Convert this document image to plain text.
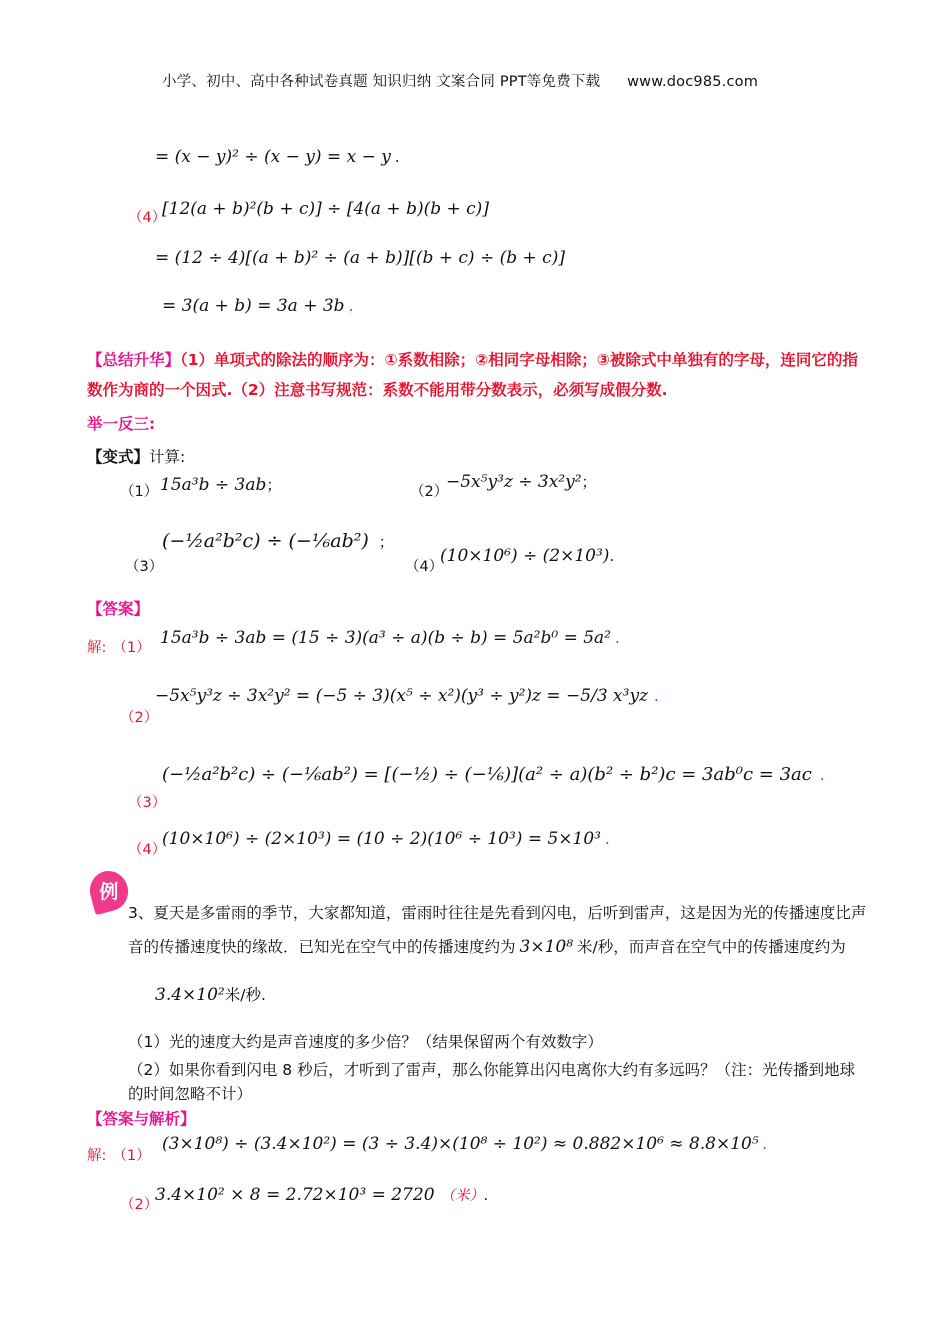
小学、初中、高中各种试卷真题 知识归纳 文案合同 PPT等免费下载 www.doc985.com
= (x − y)² ÷ (x − y) = x − y .
（4）
[12(a + b)²(b + c)] ÷ [4(a + b)(b + c)]
= (12 ÷ 4)[(a + b)² ÷ (a + b)][(b + c) ÷ (b + c)]
= 3(a + b) = 3a + 3b .
【总结升华】（1）单项式的除法的顺序为：①系数相除；②相同字母相除；③被除式中单独有的字母，连同它的指数作为商的一个因式.（2）注意书写规范：系数不能用带分数表示，必须写成假分数.
举一反三:
【变式】计算:
（1） 15a³b ÷ 3ab；	（2）
−5x⁵y³z ÷ 3x²y²；
（3）
(−½a²b²c) ÷ (−⅙ab²) ；
（4）
(10×10⁶) ÷ (2×10³).
【答案】
解: （1） 15a³b ÷ 3ab = (15 ÷ 3)(a³ ÷ a)(b ÷ b) = 5a²b⁰ = 5a² .
（2）
−5x⁵y³z ÷ 3x²y² = (−5 ÷ 3)(x⁵ ÷ x²)(y³ ÷ y²)z = −5/3 x³yz .
（3）
(−½a²b²c) ÷ (−⅙ab²) = [(−½) ÷ (−⅙)](a² ÷ a)(b² ÷ b²)c = 3ab⁰c = 3ac .
（4）
(10×10⁶) ÷ (2×10³) = (10 ÷ 2)(10⁶ ÷ 10³) = 5×10³ .
例
3、夏天是多雷雨的季节，大家都知道，雷雨时往往是先看到闪电，后听到雷声，这是因为光的传播速度比声音的传播速度快的缘故．已知光在空气中的传播速度约为 3×10⁸ 米/秒，而声音在空气中的传播速度约为
3.4×10²米/秒.
（1）光的速度大约是声音速度的多少倍？（结果保留两个有效数字）
（2）如果你看到闪电 8 秒后，才听到了雷声，那么你能算出闪电离你大约有多远吗？（注：光传播到地球的时间忽略不计）
【答案与解析】
解: （1）
(3×10⁸) ÷ (3.4×10²) = (3 ÷ 3.4)×(10⁸ ÷ 10²) ≈ 0.882×10⁶ ≈ 8.8×10⁵ .
（2）
3.4×10² × 8 = 2.72×10³ = 2720 （米）.
